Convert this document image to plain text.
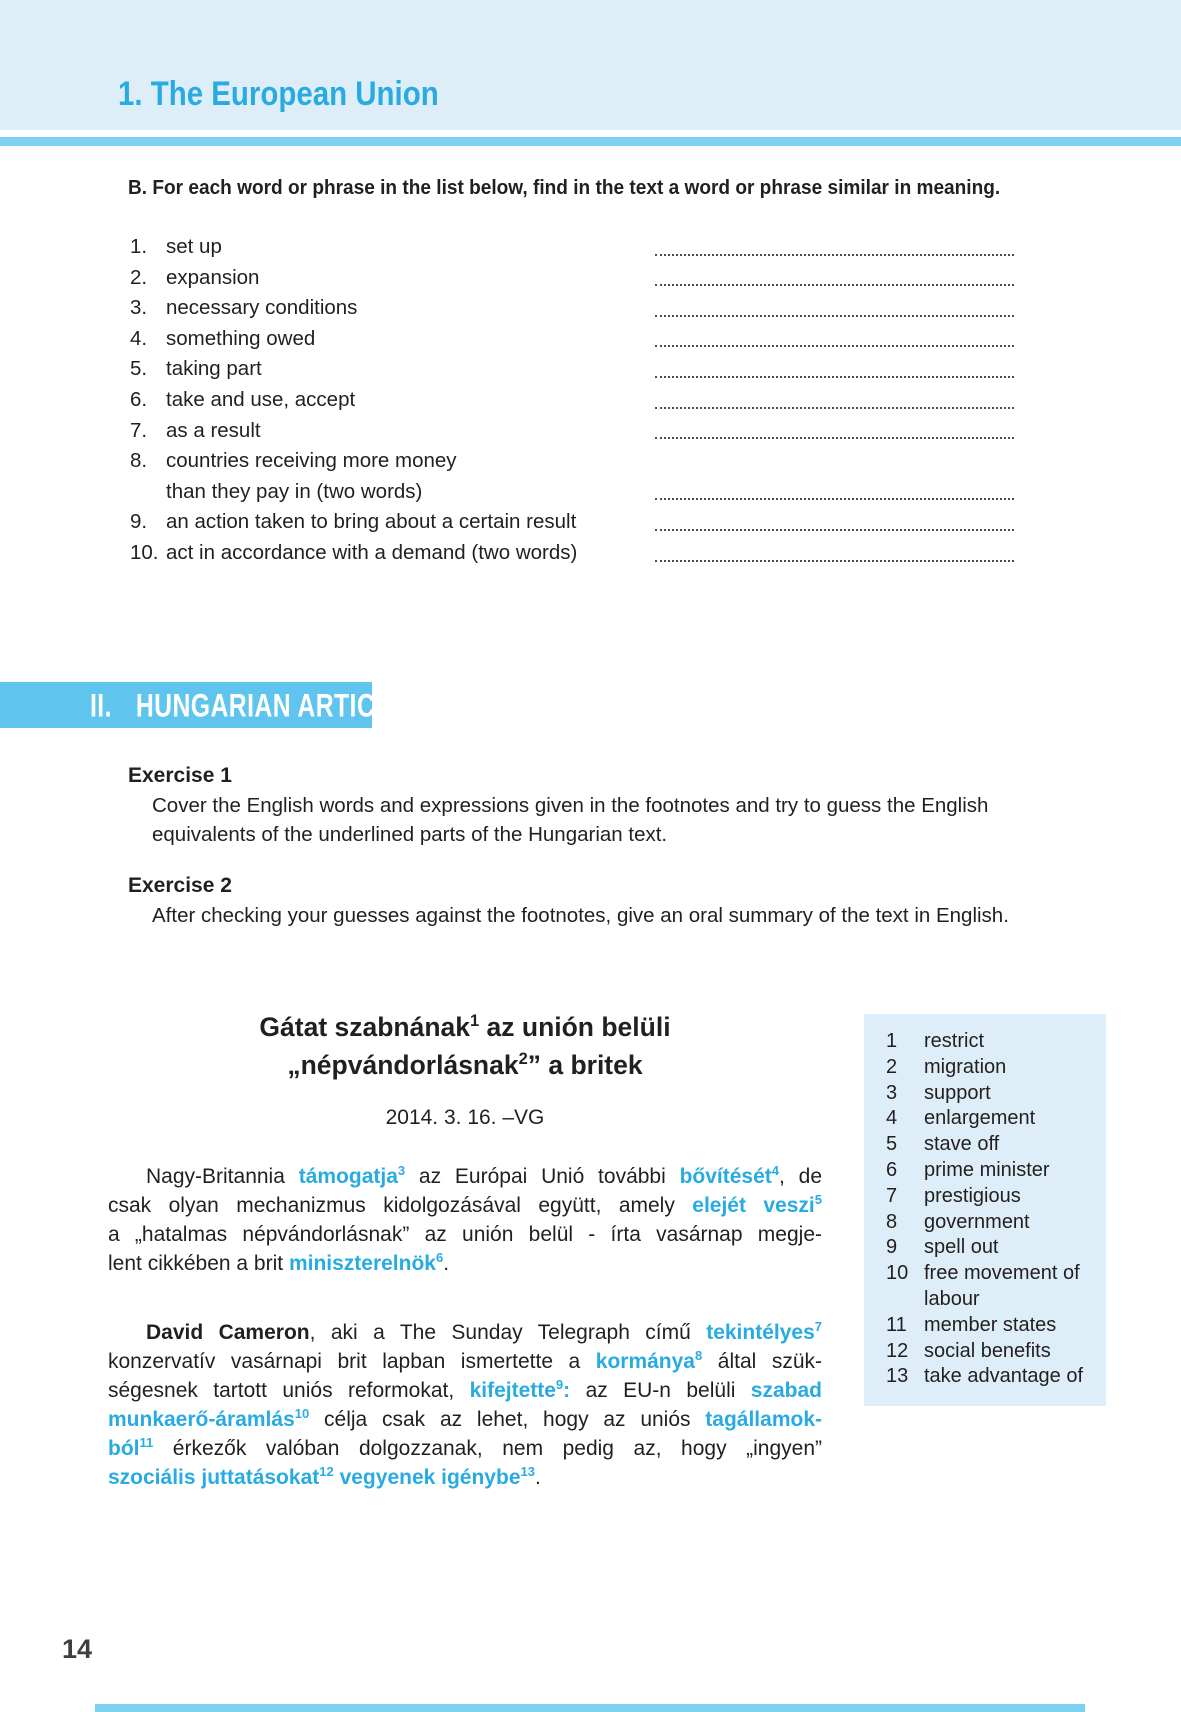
1. The European Union

B. For each word or phrase in the list below, find in the text a word or phrase similar in meaning.

1. set up
2. expansion
3. necessary conditions
4. something owed
5. taking part
6. take and use, accept
7. as a result
8. countries receiving more money
than they pay in (two words)
9. an action taken to bring about a certain result
10. act in accordance with a demand (two words)
II. HUNGARIAN ARTICLE

Exercise 1

Cover the English words and expressions given in the footnotes and try to guess the English equivalents of the underlined parts of the Hungarian text.

Exercise 2

After checking your guesses against the footnotes, give an oral summary of the text in English.
Gátat szabnának$^1$ az unión belüli
„népvándorlásnak$^2$” a britek
2014. 3. 16. –VG
Nagy-Britannia támogatja$^3$ az Európai Unió további bővítését$^4$, de
csak olyan mechanizmus kidolgozásával együtt, amely elejét veszi$^5$
a „hatalmas népvándorlásnak” az unión belül - írta vasárnap megje-
lent cikkében a brit miniszterelnök$^6$.
David Cameron, aki a The Sunday Telegraph című tekintélyes$^7$
konzervatív vasárnapi brit lapban ismertette a kormánya$^8$ által szük-
ségesnek tartott uniós reformokat, kifejtette$^9$: az EU-n belüli szabad
munkaerő-áramlás$^{10}$ célja csak az lehet, hogy az uniós tagállamok-
ból$^{11}$ érkezők valóban dolgozzanak, nem pedig az, hogy „ingyen”
szociális juttatásokat$^{12}$ vegyenek igénybe$^{13}$.
1	restrict
2	migration
3	support
4	enlargement
5	stave off
6	prime minister
7	prestigious
8	government
9	spell out
10 free movement of labour
11 member states
12 social benefits
13 take advantage of
14
